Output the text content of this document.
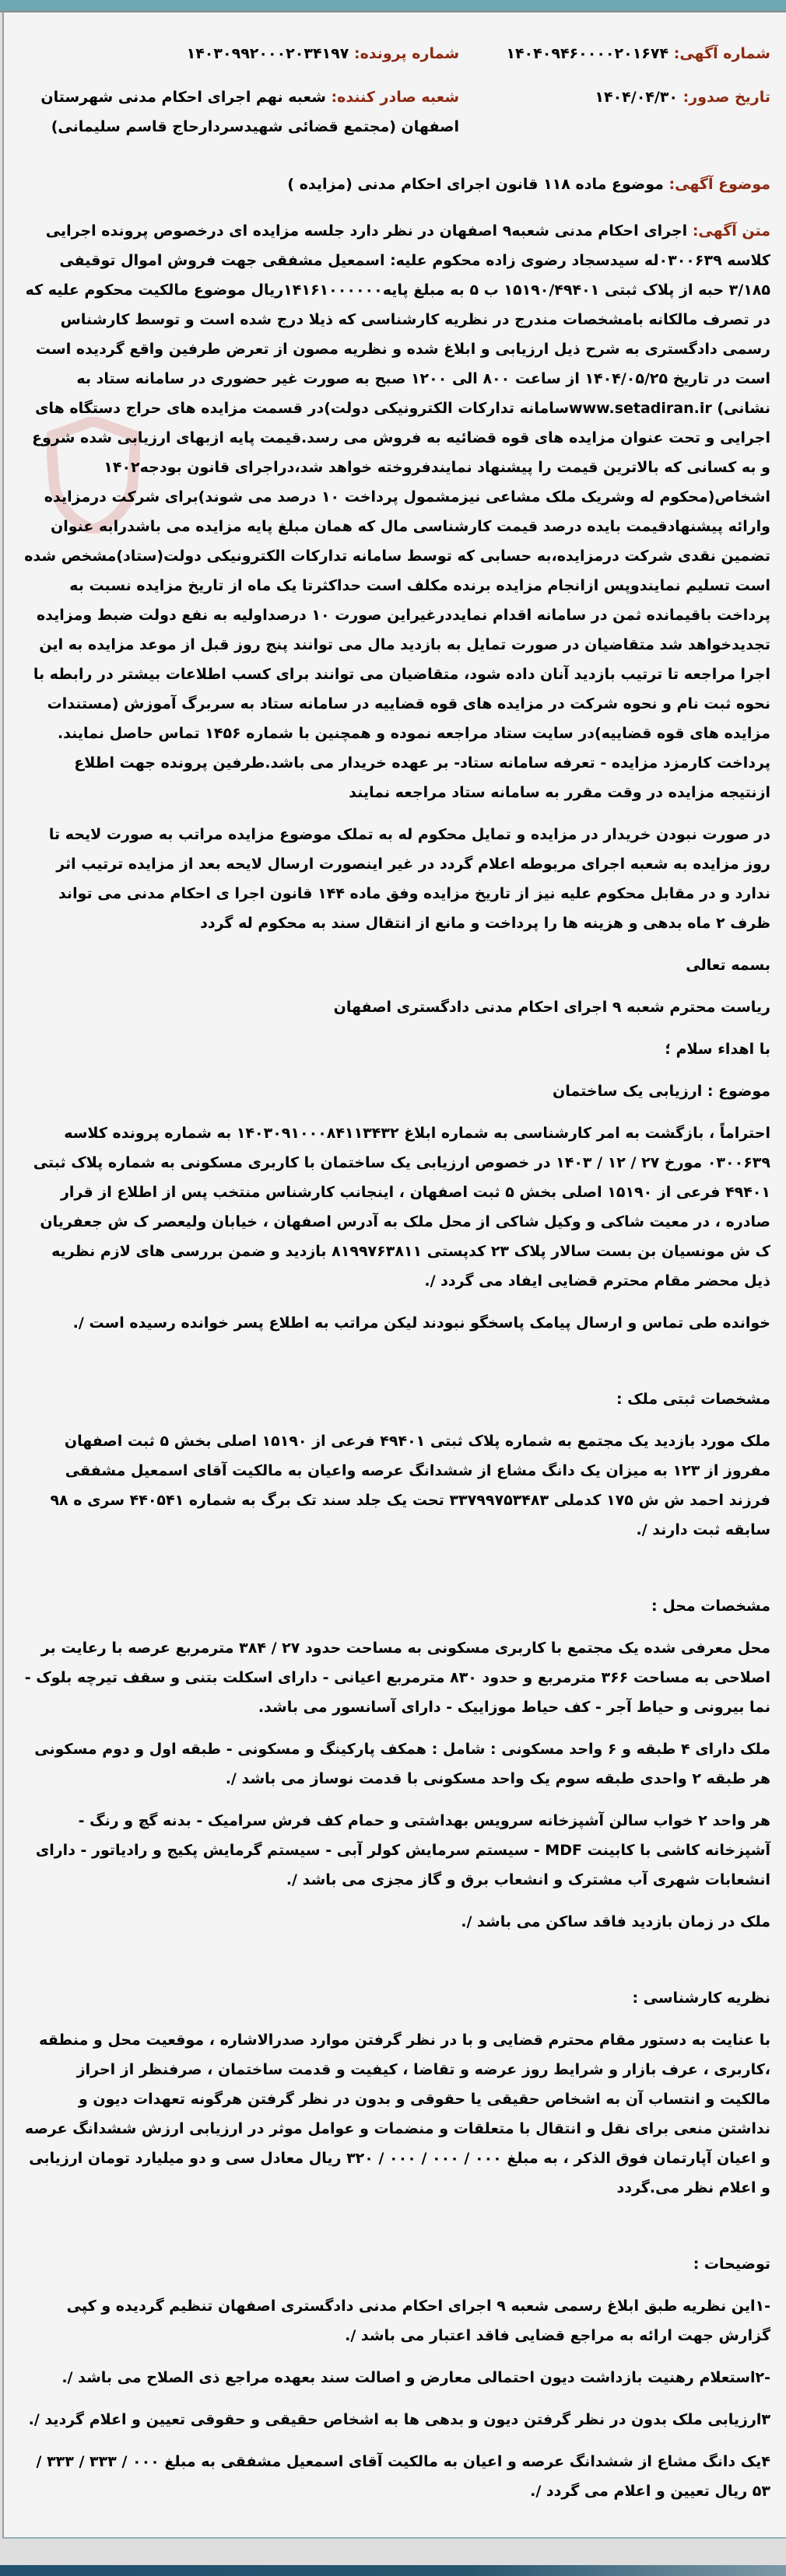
شماره آگهی: ۱۴۰۴۰۹۴۶۰۰۰۰۲۰۱۶۷۴
شماره پرونده: ۱۴۰۳۰۹۹۲۰۰۰۲۰۳۴۱۹۷
تاریخ صدور: ۱۴۰۴/۰۴/۳۰
شعبه صادر کننده: شعبه نهم اجرای احکام مدنی شهرستان اصفهان (مجتمع قضائی شهیدسردارحاج قاسم سلیمانی)
موضوع آگهی: موضوع ماده ۱۱۸ قانون اجرای احکام مدنی (مزایده )

متن آگهی: اجرای احکام مدنی شعبه۹ اصفهان در نظر دارد جلسه مزایده ای درخصوص پرونده اجرایی کلاسه ۰۳۰۰۶۳۹له سیدسجاد رضوی زاده محکوم علیه: اسمعیل مشفقی جهت فروش اموال توقیفی ۳/۱۸۵ حبه از پلاک ثبتی ۱۵۱۹۰/۴۹۴۰۱ ب ۵ به مبلغ پایه۱۴۱۶۱۰۰۰۰۰۰ریال موضوع مالکیت محکوم علیه که در تصرف مالکانه بامشخصات مندرج در نظریه کارشناسی که ذیلا درج شده است و توسط کارشناس رسمی دادگستری به شرح ذیل ارزیابی و ابلاغ شده و نظریه مصون از تعرض طرفین واقع گردیده است است در تاریخ ۱۴۰۴/۰۵/۲۵ از ساعت ۸۰۰ الی ۱۲۰۰ صبح به صورت غیر حضوری در سامانه ستاد به نشانی) www.setadiran.irسامانه تدارکات الکترونیکی دولت)در قسمت مزایده های حراج دستگاه های اجرایی و تحت عنوان مزایده های قوه قضائیه به فروش می رسد.قیمت پایه ازبهای ارزیابی شده شروع و به کسانی که بالاترین قیمت را پیشنهاد نمایندفروخته خواهد شد،دراجرای قانون بودجه۱۴۰۲ اشخاص(محکوم له وشریک ملک مشاعی نیزمشمول پرداخت ۱۰ درصد می شوند)برای شرکت درمزایده وارائه پیشنهادقیمت بایده درصد قیمت کارشناسی مال که همان مبلغ پایه مزایده می باشدرابه عنوان تضمین نقدی شرکت درمزایده،به حسابی که توسط سامانه تدارکات الکترونیکی دولت(ستاد)مشخص شده است تسلیم نمایندوپس ازانجام مزایده برنده مکلف است حداکثرتا یک ماه از تاریخ مزایده نسبت به پرداخت باقیمانده ثمن در سامانه اقدام نمایددرغیراین صورت ۱۰ درصداولیه به نفع دولت ضبط ومزایده تجدیدخواهد شد متقاضیان در صورت تمایل به بازدید مال می توانند پنج روز قبل از موعد مزایده به این اجرا مراجعه تا ترتیب بازدید آنان داده شود، متقاضیان می توانند برای کسب اطلاعات بیشتر در رابطه با نحوه ثبت نام و نحوه شرکت در مزایده های قوه قضاییه در سامانه ستاد به سربرگ آموزش (مستندات مزایده های قوه قضاییه)در سایت ستاد مراجعه نموده و همچنین با شماره ۱۴۵۶ تماس حاصل نمایند. پرداخت کارمزد مزایده - تعرفه سامانه ستاد- بر عهده خریدار می باشد.طرفین پرونده جهت اطلاع ازنتیجه مزایده در وقت مقرر به سامانه ستاد مراجعه نمایند

در صورت نبودن خریدار در مزایده و تمایل محکوم له به تملک موضوع مزایده مراتب به صورت لایحه تا روز مزایده به شعبه اجرای مربوطه اعلام گردد در غیر اینصورت ارسال لایحه بعد از مزایده ترتیب اثر ندارد و در مقابل محکوم علیه نیز از تاریخ مزایده وفق ماده ۱۴۴ قانون اجرا ی احکام مدنی می تواند ظرف ۲ ماه بدهی و هزینه ها را پرداخت و مانع از انتقال سند به محکوم له گردد

بسمه تعالی

ریاست محترم شعبه ۹ اجرای احکام مدنی دادگستری اصفهان

با اهداء سلام ؛

موضوع : ارزیابی یک ساختمان

احتراماً ، بازگشت به امر کارشناسی به شماره ابلاغ ۱۴۰۳۰۹۱۰۰۰۸۴۱۱۳۴۳۲ به شماره پرونده کلاسه ۰۳۰۰۶۳۹ مورخ ۲۷ / ۱۲ / ۱۴۰۳ در خصوص ارزیابی یک ساختمان با کاربری مسکونی به شماره پلاک ثبتی ۴۹۴۰۱ فرعی از ۱۵۱۹۰ اصلی بخش ۵ ثبت اصفهان ، اینجانب کارشناس منتخب پس از اطلاع از قرار صادره ، در معیت شاکی و وکیل شاکی از محل ملک به آدرس اصفهان ، خیابان ولیعصر ک ش جعفریان ک ش مونسیان بن بست سالار پلاک ۲۳ کدپستی ۸۱۹۹۷۶۳۸۱۱ بازدید و ضمن بررسی های لازم نظریه ذیل محضر مقام محترم قضایی ایفاد می گردد /.

خوانده طی تماس و ارسال پیامک پاسخگو نبودند لیکن مراتب به اطلاع پسر خوانده رسیده است /.

مشخصات ثبتی ملک :

ملک مورد بازدید یک مجتمع به شماره پلاک ثبتی ۴۹۴۰۱ فرعی از ۱۵۱۹۰ اصلی بخش ۵ ثبت اصفهان مفروز از ۱۲۳ به میزان یک دانگ مشاع از ششدانگ عرصه واعیان به مالکیت آقای اسمعیل مشفقی فرزند احمد ش ش ۱۷۵ کدملی ۳۳۷۹۹۷۵۳۴۸۳ تحت یک جلد سند تک برگ به شماره ۴۴۰۵۴۱ سری ه ۹۸ سابقه ثبت دارند /.

مشخصات محل :

محل معرفی شده یک مجتمع با کاربری مسکونی به مساحت حدود ۲۷ / ۳۸۴ مترمربع عرصه با رعایت بر اصلاحی به مساحت ۳۶۶ مترمربع و حدود ۸۳۰ مترمربع اعیانی - دارای اسکلت بتنی و سقف تیرچه بلوک - نما بیرونی و حیاط آجر - کف حیاط موزاییک - دارای آسانسور می باشد.

ملک دارای ۴ طبقه و ۶ واحد مسکونی : شامل : همکف پارکینگ و مسکونی - طبقه اول و دوم مسکونی هر طبقه ۲ واحدی طبقه سوم یک واحد مسکونی با قدمت نوساز می باشد /.

هر واحد ۲ خواب سالن آشپزخانه سرویس بهداشتی و حمام کف فرش سرامیک - بدنه گچ و رنگ - آشپزخانه کاشی با کابینت MDF - سیستم سرمایش کولر آبی - سیستم گرمایش پکیج و رادیاتور - دارای انشعابات شهری آب مشترک و انشعاب برق و گاز مجزی می باشد /.

ملک در زمان بازدید فاقد ساکن می باشد /.

نظریه کارشناسی :

با عنایت به دستور مقام محترم قضایی و با در نظر گرفتن موارد صدرالاشاره ، موقعیت محل و منطقه ،کاربری ، عرف بازار و شرایط روز عرضه و تقاضا ، کیفیت و قدمت ساختمان ، صرفنظر از احراز مالکیت و انتساب آن به اشخاص حقیقی یا حقوقی و بدون در نظر گرفتن هرگونه تعهدات دیون و نداشتن منعی برای نقل و انتقال با متعلقات و منضمات و عوامل موثر در ارزیابی ارزش ششدانگ عرصه و اعیان آپارتمان فوق الذکر ، به مبلغ ۰۰۰ / ۰۰۰ / ۰۰۰ / ۳۲۰ ریال معادل سی و دو میلیارد تومان ارزیابی و اعلام نظر می.گردد

توضیحات :

-۱این نظریه طبق ابلاغ رسمی شعبه ۹ اجرای احکام مدنی دادگستری اصفهان تنظیم گردیده و کپی گزارش جهت ارائه به مراجع قضایی فاقد اعتبار می باشد /.

-۲استعلام رهنیت بازداشت دیون احتمالی معارض و اصالت سند بعهده مراجع ذی الصلاح می باشد /.

۳ارزیابی ملک بدون در نظر گرفتن دیون و بدهی ها به اشخاص حقیقی و حقوقی تعیین و اعلام گردید /.

۴یک دانگ مشاع از ششدانگ عرصه و اعیان به مالکیت آقای اسمعیل مشفقی به مبلغ ۰۰۰ / ۳۳۳ / ۳۳۳ / ۵۳ ریال تعیین و اعلام می گردد /.
